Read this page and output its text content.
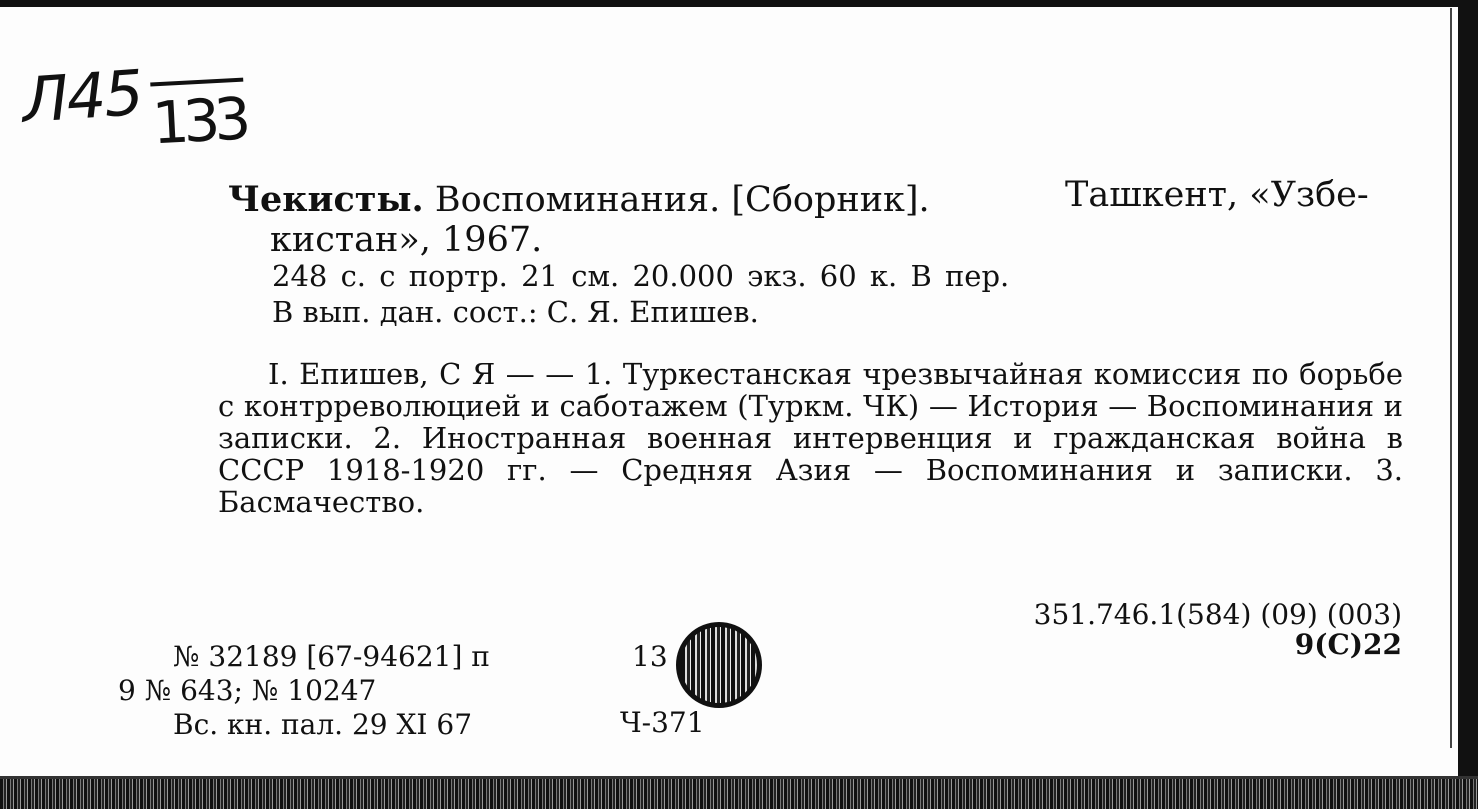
Л45 133
Чекисты. Воспоминания. [Сборник].	Ташкент, «Узбе-
кистан», 1967.
248 с. с портр. 21 см. 20.000 экз. 60 к. В пер.
В вып. дан. сост.: С. Я. Епишев.

I. Епишев, С Я — — 1. Туркестанская чрезвычайная комиссия по борьбе с контрреволюцией и саботажем (Туркм. ЧК) — История — Воспоминания и записки. 2. Иностранная военная интервенция и гражданская война в СССР 1918-1920 гг. — Средняя Азия — Воспоминания и записки. 3. Басмачество.

351.746.1(584) (09) (003)
9(С)22
№ 32189 [67-94621] п
9 № 643; № 10247
Вс. кн. пал. 29 XI 67
13
Ч-371
